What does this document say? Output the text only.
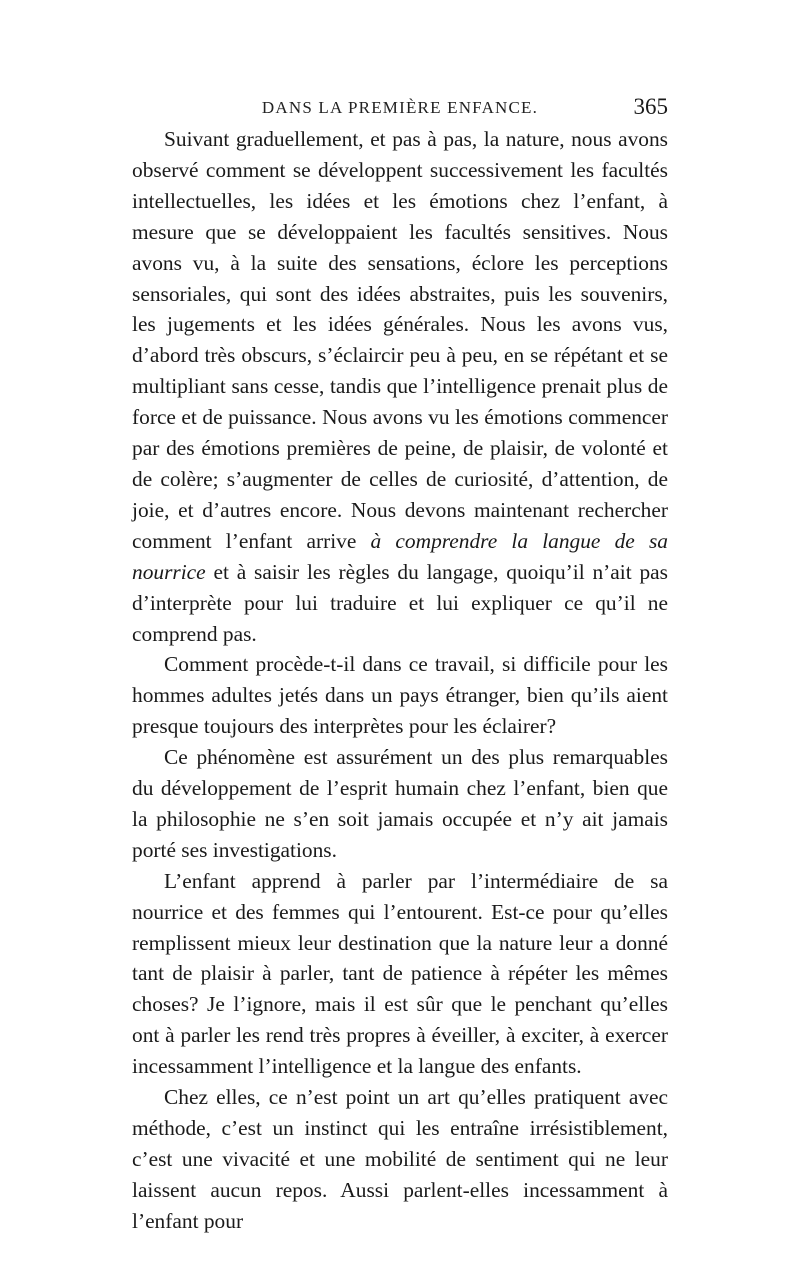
DANS LA PREMIÈRE ENFANCE.	365

Suivant graduellement, et pas à pas, la nature, nous avons observé comment se développent successivement les facultés intellectuelles, les idées et les émotions chez l’enfant, à mesure que se développaient les facultés sensitives. Nous avons vu, à la suite des sensations, éclore les perceptions sensoriales, qui sont des idées abstraites, puis les souvenirs, les jugements et les idées générales. Nous les avons vus, d’abord très obscurs, s’éclaircir peu à peu, en se répétant et se multipliant sans cesse, tandis que l’intelligence prenait plus de force et de puissance. Nous avons vu les émotions commencer par des émotions premières de peine, de plaisir, de volonté et de colère; s’augmenter de celles de curiosité, d’attention, de joie, et d’autres encore. Nous devons maintenant rechercher comment l’enfant arrive à comprendre la langue de sa nourrice et à saisir les règles du langage, quoiqu’il n’ait pas d’interprète pour lui traduire et lui expliquer ce qu’il ne comprend pas.

Comment procède-t-il dans ce travail, si difficile pour les hommes adultes jetés dans un pays étranger, bien qu’ils aient presque toujours des interprètes pour les éclairer?

Ce phénomène est assurément un des plus remarquables du développement de l’esprit humain chez l’enfant, bien que la philosophie ne s’en soit jamais occupée et n’y ait jamais porté ses investigations.

L’enfant apprend à parler par l’intermédiaire de sa nourrice et des femmes qui l’entourent. Est-ce pour qu’elles remplissent mieux leur destination que la nature leur a donné tant de plaisir à parler, tant de patience à répéter les mêmes choses? Je l’ignore, mais il est sûr que le penchant qu’elles ont à parler les rend très propres à éveiller, à exciter, à exercer incessamment l’intelligence et la langue des enfants.

Chez elles, ce n’est point un art qu’elles pratiquent avec méthode, c’est un instinct qui les entraîne irrésistiblement, c’est une vivacité et une mobilité de sentiment qui ne leur laissent aucun repos. Aussi parlent-elles incessamment à l’enfant pour
